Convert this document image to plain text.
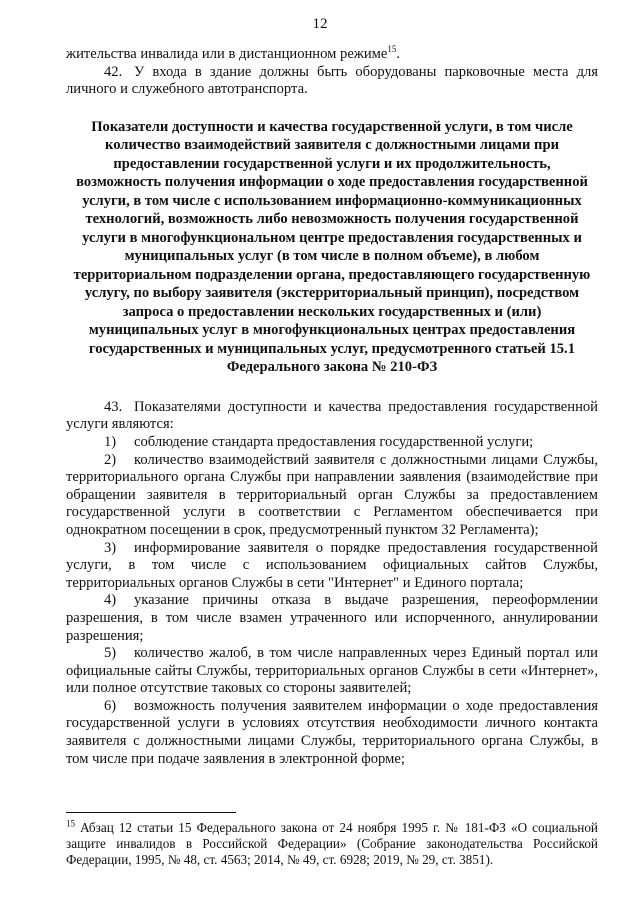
12

жительства инвалида или в дистанционном режиме$^{15}$.

42. У входа в здание должны быть оборудованы парковочные места для личного и служебного автотранспорта.

Показатели доступности и качества государственной услуги, в том числе количество взаимодействий заявителя с должностными лицами при предоставлении государственной услуги и их продолжительность, возможность получения информации о ходе предоставления государственной услуги, в том числе с использованием информационно-коммуникационных технологий, возможность либо невозможность получения государственной услуги в многофункциональном центре предоставления государственных и муниципальных услуг (в том числе в полном объеме), в любом территориальном подразделении органа, предоставляющего государственную услугу, по выбору заявителя (экстерриториальный принцип), посредством запроса о предоставлении нескольких государственных и (или) муниципальных услуг в многофункциональных центрах предоставления государственных и муниципальных услуг, предусмотренного статьей 15.1 Федерального закона № 210-ФЗ

43. Показателями доступности и качества предоставления государственной услуги являются:

1) соблюдение стандарта предоставления государственной услуги;

2) количество взаимодействий заявителя с должностными лицами Службы, территориального органа Службы при направлении заявления (взаимодействие при обращении заявителя в территориальный орган Службы за предоставлением государственной услуги в соответствии с Регламентом обеспечивается при однократном посещении в срок, предусмотренный пунктом 32 Регламента);

3) информирование заявителя о порядке предоставления государственной услуги, в том числе с использованием официальных сайтов Службы, территориальных органов Службы в сети "Интернет" и Единого портала;

4) указание причины отказа в выдаче разрешения, переоформлении разрешения, в том числе взамен утраченного или испорченного, аннулировании разрешения;

5) количество жалоб, в том числе направленных через Единый портал или официальные сайты Службы, территориальных органов Службы в сети «Интернет», или полное отсутствие таковых со стороны заявителей;

6) возможность получения заявителем информации о ходе предоставления государственной услуги в условиях отсутствия необходимости личного контакта заявителя с должностными лицами Службы, территориального органа Службы, в том числе при подаче заявления в электронной форме;

$^{15}$ Абзац 12 статьи 15 Федерального закона от 24 ноября 1995 г. № 181-ФЗ «О социальной защите инвалидов в Российской Федерации» (Собрание законодательства Российской Федерации, 1995, № 48, ст. 4563; 2014, № 49, ст. 6928; 2019, № 29, ст. 3851).
